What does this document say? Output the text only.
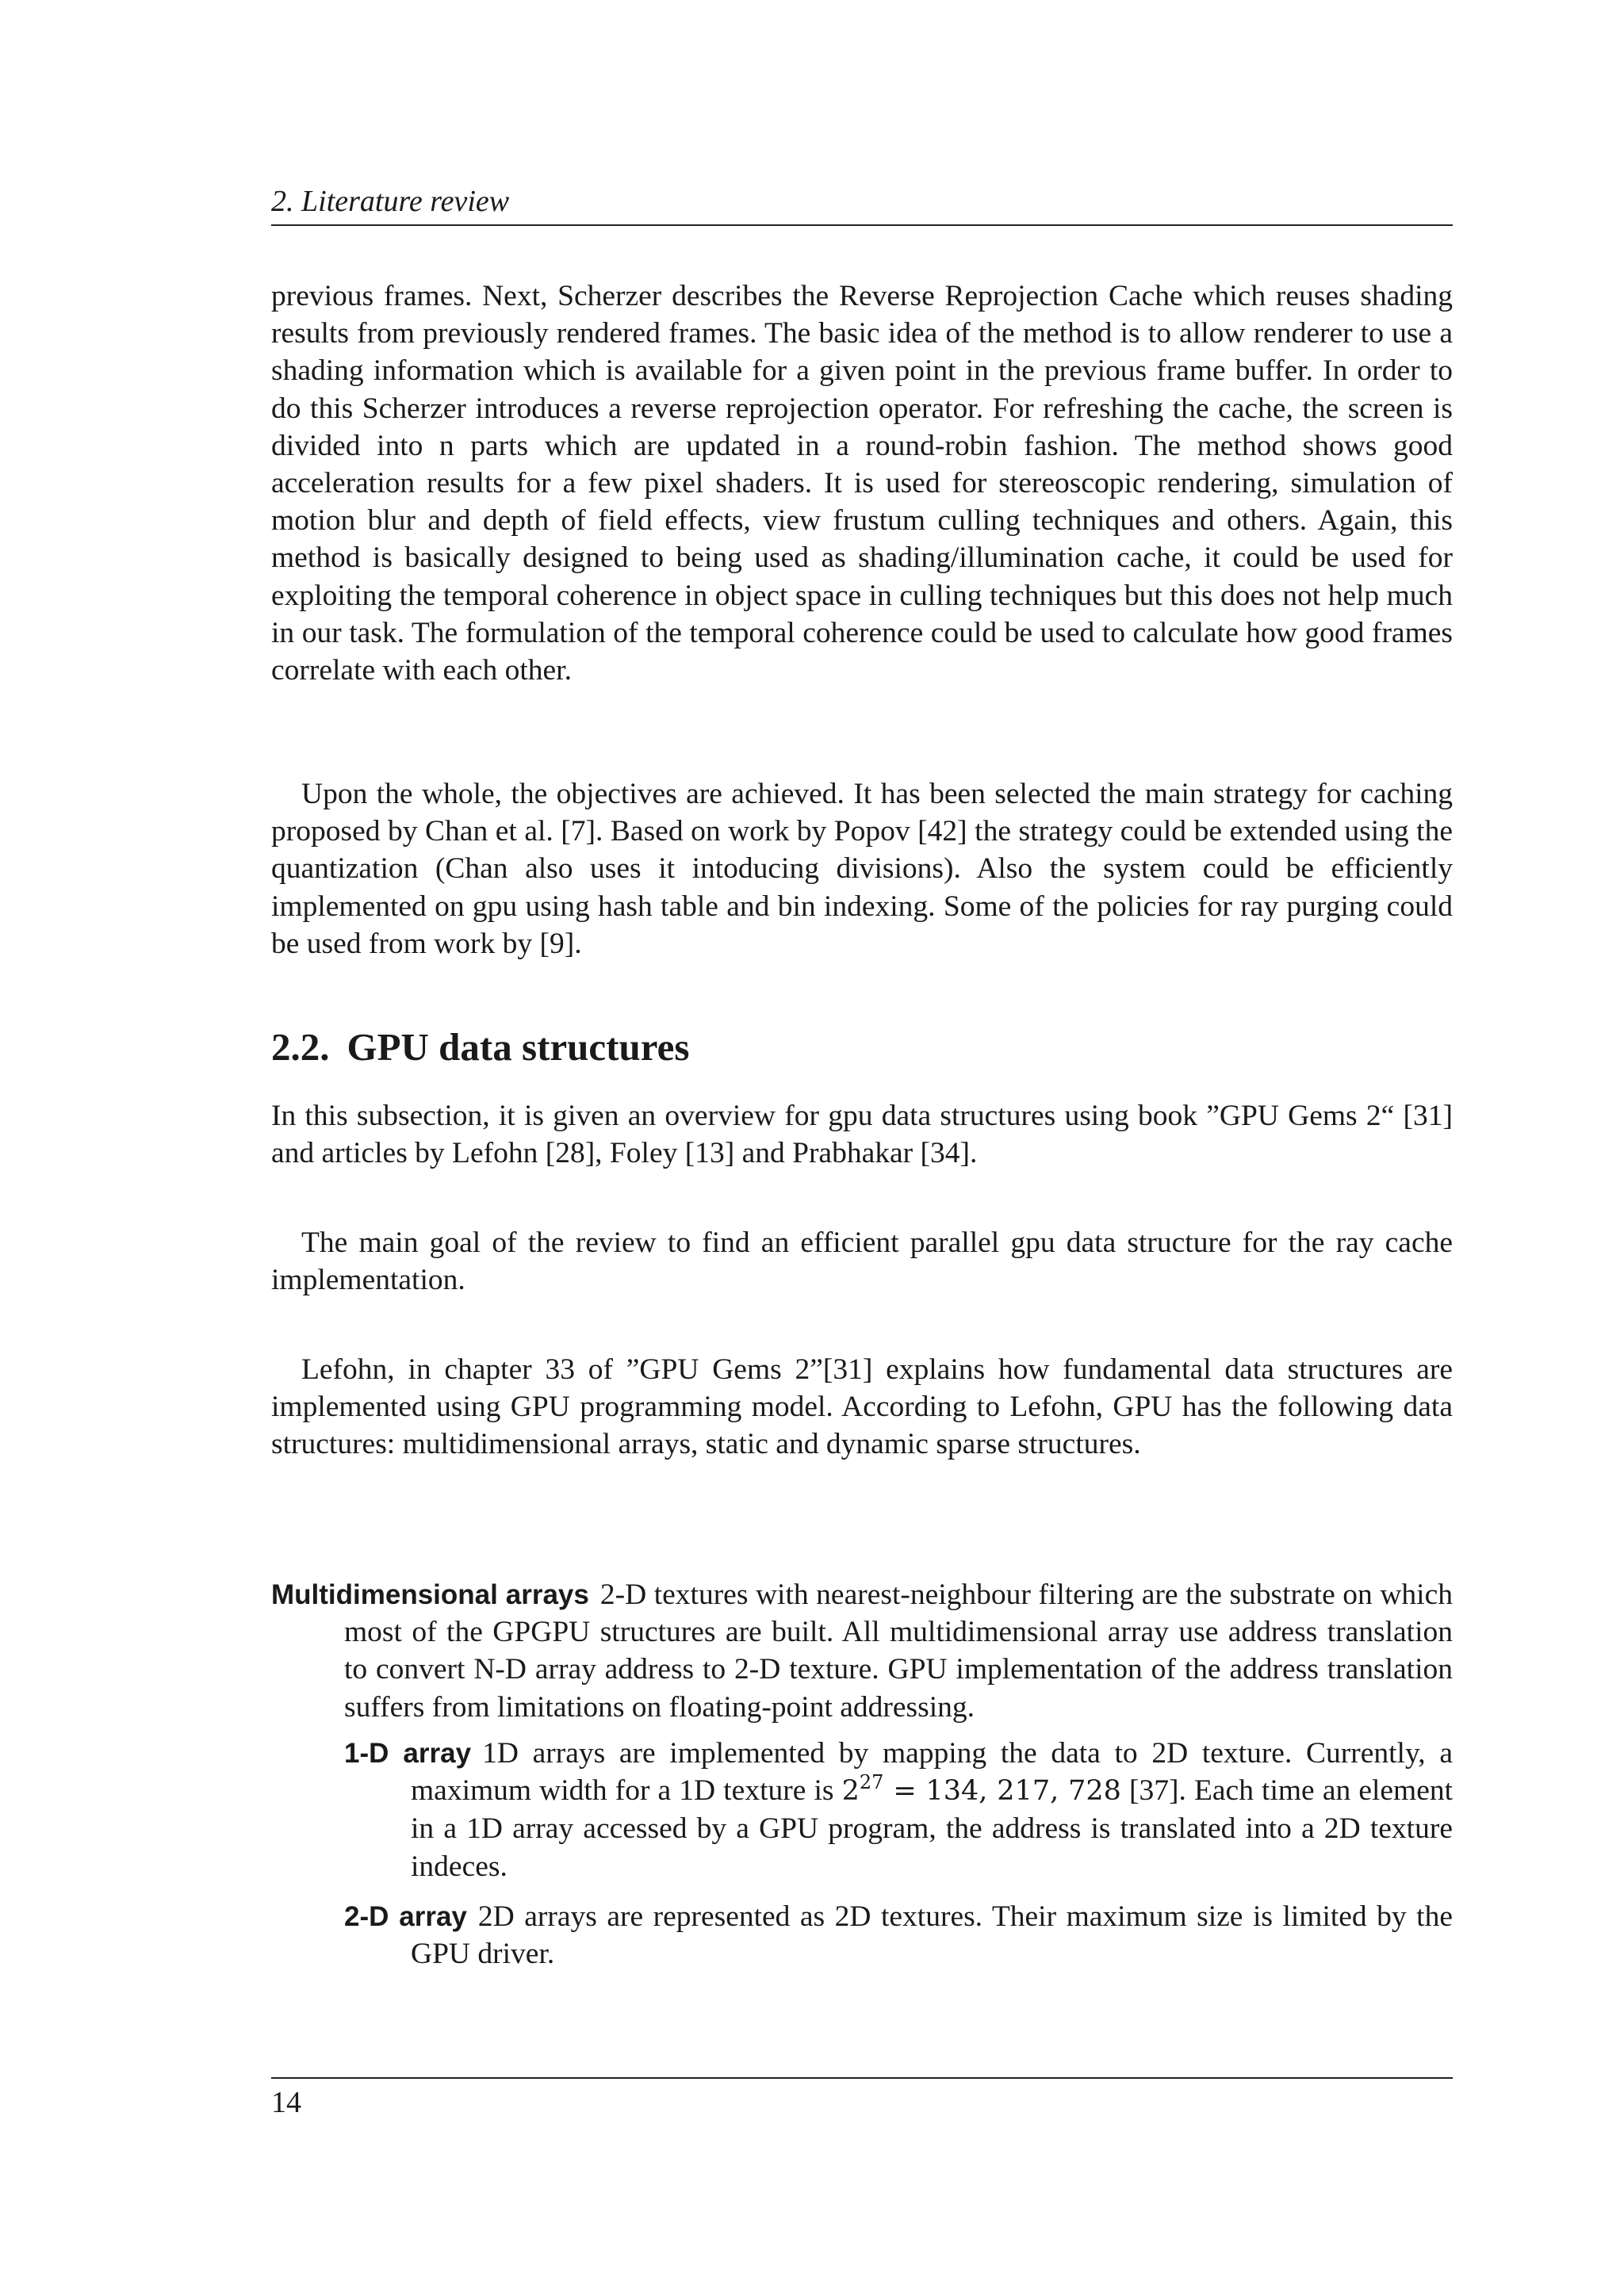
2. Literature review

previous frames. Next, Scherzer describes the Reverse Reprojection Cache which reuses shading results from previously rendered frames. The basic idea of the method is to allow renderer to use a shading information which is available for a given point in the previous frame buffer. In order to do this Scherzer introduces a reverse reprojection operator. For refreshing the cache, the screen is divided into n parts which are updated in a round-robin fashion. The method shows good acceleration results for a few pixel shaders. It is used for stereoscopic rendering, simulation of motion blur and depth of field effects, view frustum culling techniques and others. Again, this method is basically designed to being used as shading/illumination cache, it could be used for exploiting the temporal coherence in object space in culling techniques but this does not help much in our task. The formulation of the temporal coherence could be used to calculate how good frames correlate with each other.

Upon the whole, the objectives are achieved. It has been selected the main strategy for caching proposed by Chan et al. [7]. Based on work by Popov [42] the strategy could be extended using the quantization (Chan also uses it intoducing divisions). Also the system could be efficiently implemented on gpu using hash table and bin indexing. Some of the policies for ray purging could be used from work by [9].

2.2. GPU data structures

In this subsection, it is given an overview for gpu data structures using book ”GPU Gems 2“ [31] and articles by Lefohn [28], Foley [13] and Prabhakar [34].

The main goal of the review to find an efficient parallel gpu data structure for the ray cache implementation.

Lefohn, in chapter 33 of ”GPU Gems 2”[31] explains how fundamental data structures are implemented using GPU programming model. According to Lefohn, GPU has the following data structures: multidimensional arrays, static and dynamic sparse structures.

Multidimensional arrays 2-D textures with nearest-neighbour filtering are the substrate on which most of the GPGPU structures are built. All multidimensional array use address translation to convert N-D array address to 2-D texture. GPU implementation of the address translation suffers from limitations on floating-point addressing.

1-D array 1D arrays are implemented by mapping the data to 2D texture. Currently, a maximum width for a 1D texture is $2^{27} = 134$, 217, 728 [37]. Each time an element in a 1D array accessed by a GPU program, the address is translated into a 2D texture indeces.

2-D array 2D arrays are represented as 2D textures. Their maximum size is limited by the GPU driver.

14
